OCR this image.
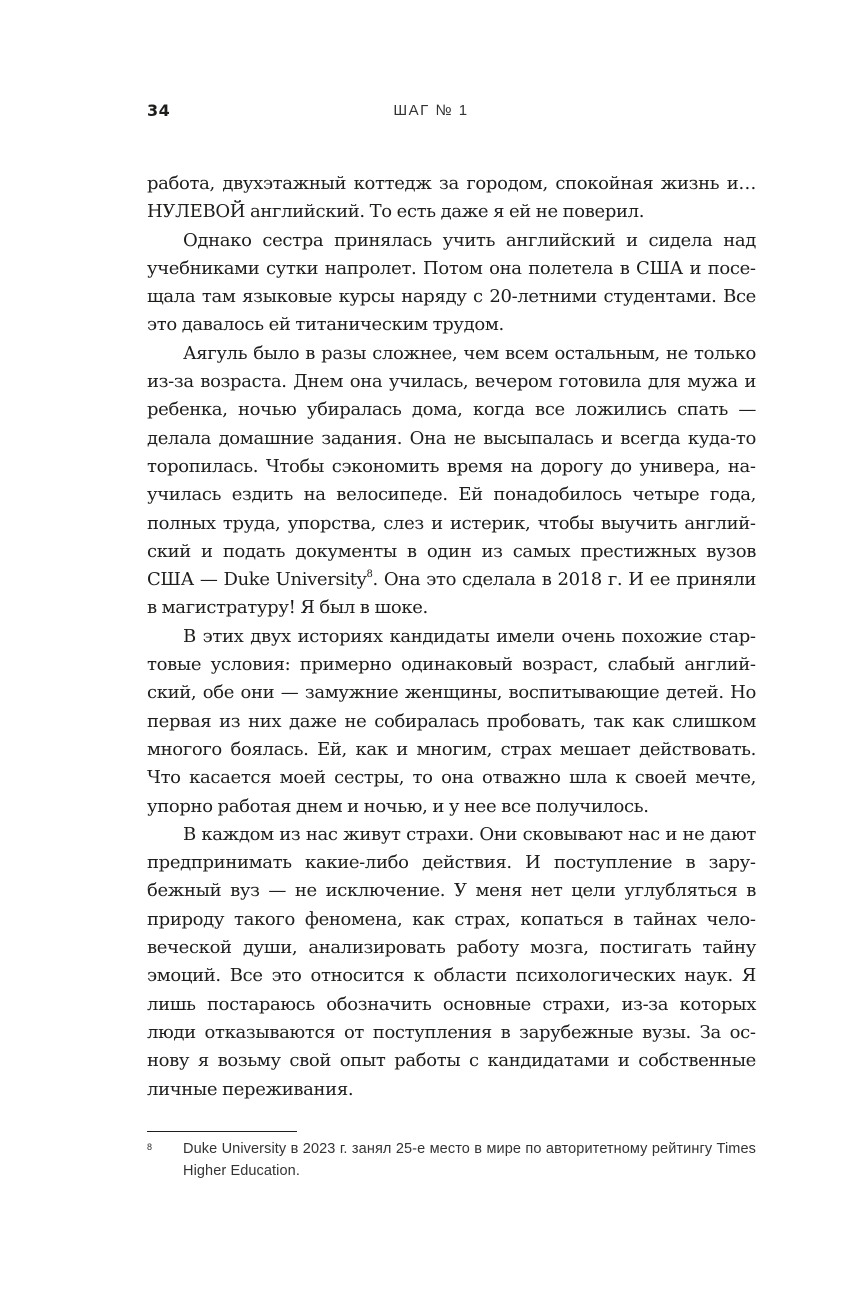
34	ШАГ № 1

работа, двухэтажный коттедж за городом, спокойная жизнь и… НУЛЕВОЙ английский. То есть даже я ей не поверил.

Однако сестра принялась учить английский и сидела над учебниками сутки напролет. Потом она полетела в США и посещала там языковые курсы наряду с 20-летними студентами. Все это давалось ей титаническим трудом.

Аягуль было в разы сложнее, чем всем остальным, не только из-за возраста. Днем она училась, вечером готовила для мужа и ребенка, ночью убиралась дома, когда все ложились спать — делала домашние задания. Она не высыпалась и всегда куда-то торопилась. Чтобы сэкономить время на дорогу до универа, научилась ездить на велосипеде. Ей понадобилось четыре года, полных труда, упорства, слез и истерик, чтобы выучить английский и подать документы в один из самых престижных вузов США — Duke University$^8$. Она это сделала в 2018 г. И ее приняли в магистратуру! Я был в шоке.

В этих двух историях кандидаты имели очень похожие стартовые условия: примерно одинаковый возраст, слабый английский, обе они — замужние женщины, воспитывающие детей. Но первая из них даже не собиралась пробовать, так как слишком многого боялась. Ей, как и многим, страх мешает действовать. Что касается моей сестры, то она отважно шла к своей мечте, упорно работая днем и ночью, и у нее все получилось.

В каждом из нас живут страхи. Они сковывают нас и не дают предпринимать какие-либо действия. И поступление в зарубежный вуз — не исключение. У меня нет цели углубляться в природу такого феномена, как страх, копаться в тайнах человеческой души, анализировать работу мозга, постигать тайну эмоций. Все это относится к области психологических наук. Я лишь постараюсь обозначить основные страхи, из-за которых люди отказываются от поступления в зарубежные вузы. За основу я возьму свой опыт работы с кандидатами и собственные личные переживания.

8 Duke University в 2023 г. занял 25-е место в мире по авторитетному рейтингу Times Higher Education.
